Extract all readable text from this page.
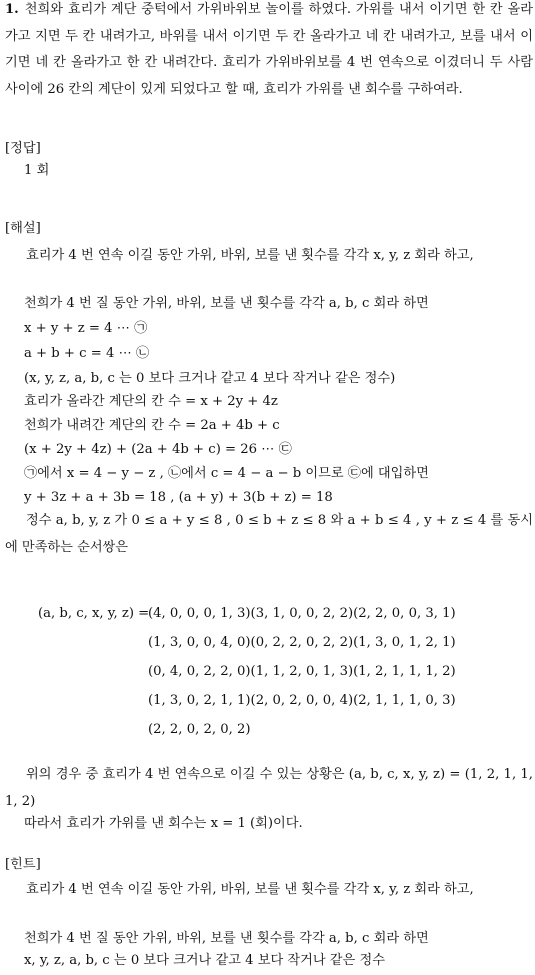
1. 천희와 효리가 계단 중턱에서 가위바위보 놀이를 하였다. 가위를 내서 이기면 한 칸 올라가고 지면 두 칸 내려가고, 바위를 내서 이기면 두 칸 올라가고 네 칸 내려가고, 보를 내서 이기면 네 칸 올라가고 한 칸 내려간다. 효리가 가위바위보를 4 번 연속으로 이겼더니 두 사람 사이에 26 칸의 계단이 있게 되었다고 할 때, 효리가 가위를 낸 회수를 구하여라.
[정답]
1 회
[해설]
효리가 4 번 연속 이길 동안 가위, 바위, 보를 낸 횟수를 각각 x, y, z 회라 하고,
천희가 4 번 질 동안 가위, 바위, 보를 낸 횟수를 각각 a, b, c 회라 하면
x + y + z = 4 ⋯ ㉠
a + b + c = 4 ⋯ ㉡
(x, y, z, a, b, c 는 0 보다 크거나 같고 4 보다 작거나 같은 정수)
효리가 올라간 계단의 칸 수 = x + 2y + 4z
천희가 내려간 계단의 칸 수 = 2a + 4b + c
(x + 2y + 4z) + (2a + 4b + c) = 26 ⋯ ㉢
㉠에서 x = 4 − y − z , ㉡에서 c = 4 − a − b 이므로 ㉢에 대입하면
y + 3z + a + 3b = 18 , (a + y) + 3(b + z) = 18
정수 a, b, y, z 가 0 ≤ a + y ≤ 8 , 0 ≤ b + z ≤ 8 와 a + b ≤ 4 , y + z ≤ 4 를 동시에 만족하는 순서쌍은
(a, b, c, x, y, z) =
(4, 0, 0, 0, 1, 3)(3, 1, 0, 0, 2, 2)(2, 2, 0, 0, 3, 1)
(1, 3, 0, 0, 4, 0)(0, 2, 2, 0, 2, 2)(1, 3, 0, 1, 2, 1)
(0, 4, 0, 2, 2, 0)(1, 1, 2, 0, 1, 3)(1, 2, 1, 1, 1, 2)
(1, 3, 0, 2, 1, 1)(2, 0, 2, 0, 0, 4)(2, 1, 1, 1, 0, 3)
(2, 2, 0, 2, 0, 2)
위의 경우 중 효리가 4 번 연속으로 이길 수 있는 상황은 (a, b, c, x, y, z) = (1, 2, 1, 1, 1, 2)
따라서 효리가 가위를 낸 회수는 x = 1 (회)이다.
[힌트]
효리가 4 번 연속 이길 동안 가위, 바위, 보를 낸 횟수를 각각 x, y, z 회라 하고,
천희가 4 번 질 동안 가위, 바위, 보를 낸 횟수를 각각 a, b, c 회라 하면
x, y, z, a, b, c 는 0 보다 크거나 같고 4 보다 작거나 같은 정수
